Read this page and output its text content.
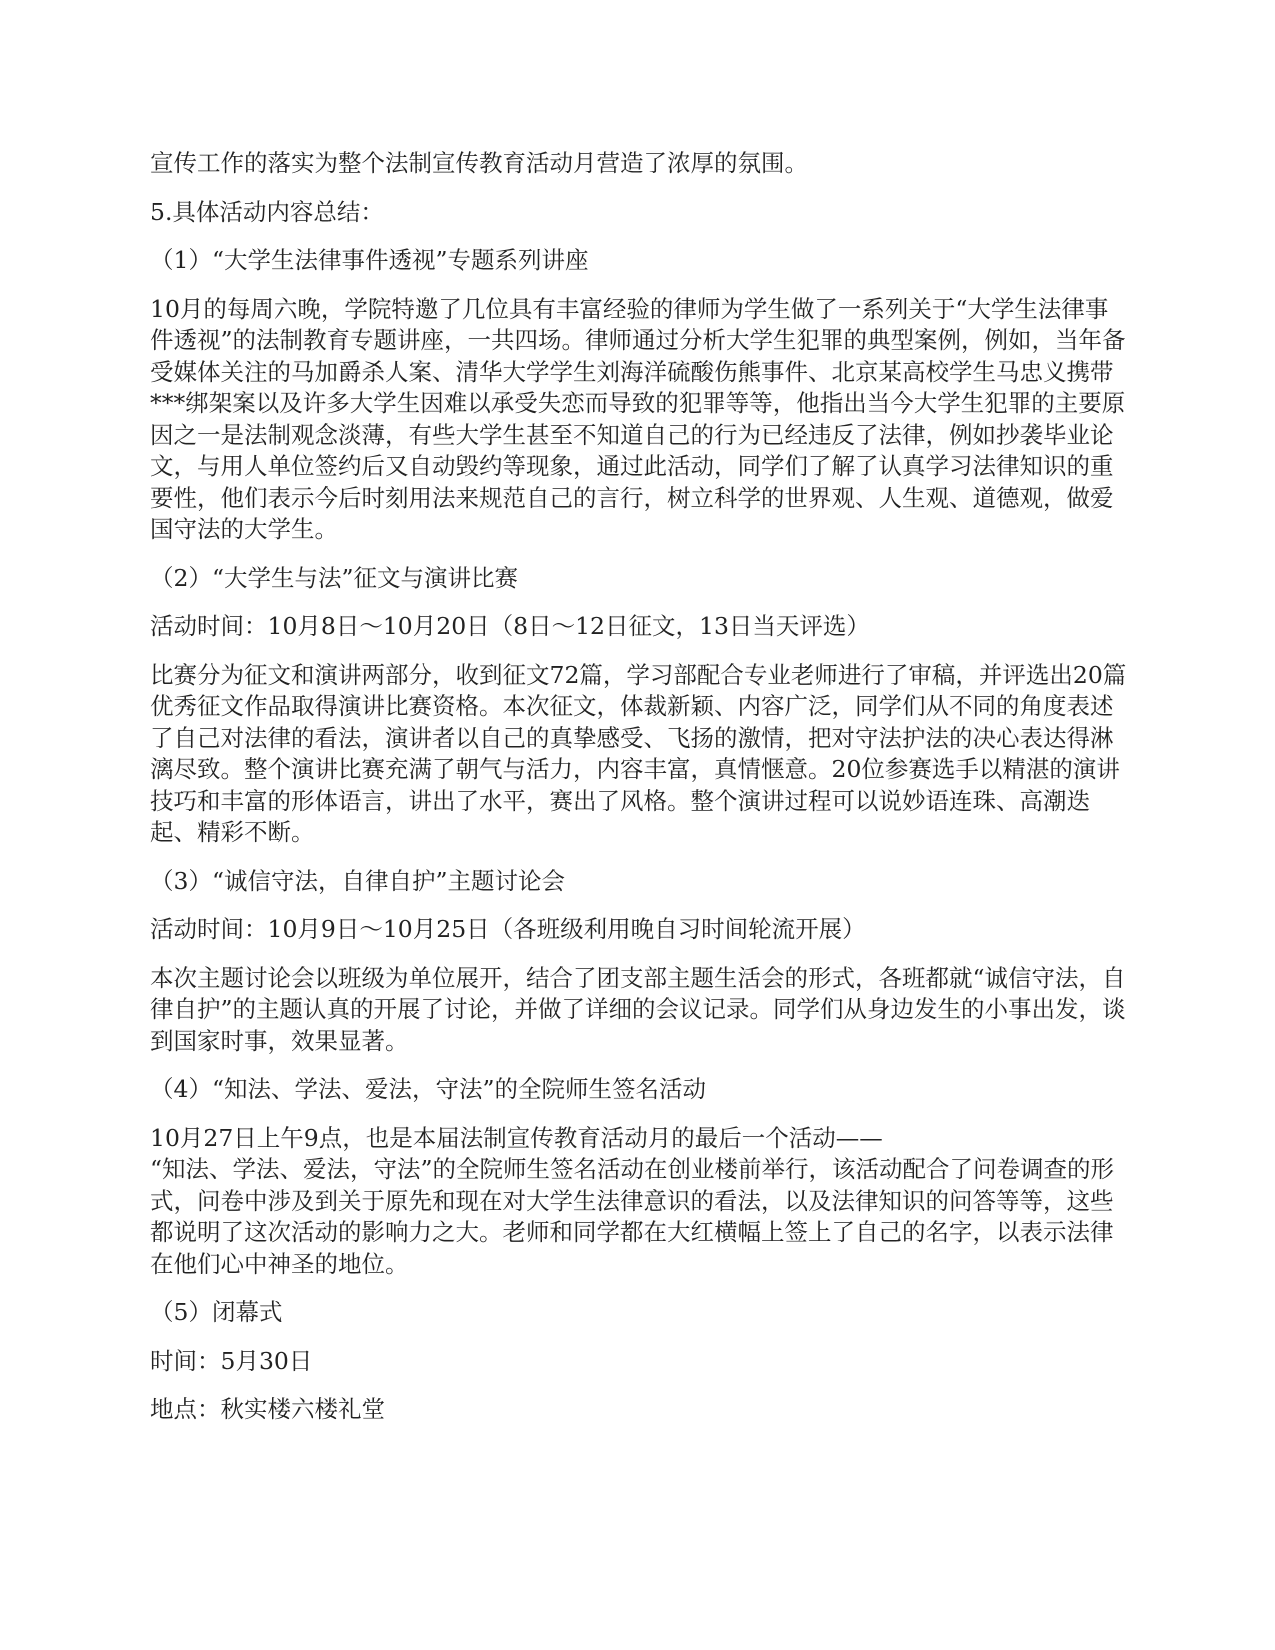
宣传工作的落实为整个法制宣传教育活动月营造了浓厚的氛围。

5.具体活动内容总结：

（1）“大学生法律事件透视”专题系列讲座

10月的每周六晚，学院特邀了几位具有丰富经验的律师为学生做了一系列关于“大学生法律事件透视”的法制教育专题讲座，一共四场。律师通过分析大学生犯罪的典型案例，例如，当年备受媒体关注的马加爵杀人案、清华大学学生刘海洋硫酸伤熊事件、北京某高校学生马忠义携带***绑架案以及许多大学生因难以承受失恋而导致的犯罪等等，他指出当今大学生犯罪的主要原因之一是法制观念淡薄，有些大学生甚至不知道自己的行为已经违反了法律，例如抄袭毕业论文，与用人单位签约后又自动毁约等现象，通过此活动，同学们了解了认真学习法律知识的重要性，他们表示今后时刻用法来规范自己的言行，树立科学的世界观、人生观、道德观，做爱国守法的大学生。

（2）“大学生与法”征文与演讲比赛

活动时间：10月8日～10月20日（8日～12日征文，13日当天评选）

比赛分为征文和演讲两部分，收到征文72篇，学习部配合专业老师进行了审稿，并评选出20篇优秀征文作品取得演讲比赛资格。本次征文，体裁新颖、内容广泛，同学们从不同的角度表述了自己对法律的看法，演讲者以自己的真挚感受、飞扬的激情，把对守法护法的决心表达得淋漓尽致。整个演讲比赛充满了朝气与活力，内容丰富，真情惬意。20位参赛选手以精湛的演讲技巧和丰富的形体语言，讲出了水平，赛出了风格。整个演讲过程可以说妙语连珠、高潮迭起、精彩不断。

（3）“诚信守法，自律自护”主题讨论会

活动时间：10月9日～10月25日（各班级利用晚自习时间轮流开展）

本次主题讨论会以班级为单位展开，结合了团支部主题生活会的形式，各班都就“诚信守法，自律自护”的主题认真的开展了讨论，并做了详细的会议记录。同学们从身边发生的小事出发，谈到国家时事，效果显著。

（4）“知法、学法、爱法，守法”的全院师生签名活动

10月27日上午9点，也是本届法制宣传教育活动月的最后一个活动——

“知法、学法、爱法，守法”的全院师生签名活动在创业楼前举行，该活动配合了问卷调查的形式，问卷中涉及到关于原先和现在对大学生法律意识的看法，以及法律知识的问答等等，这些都说明了这次活动的影响力之大。老师和同学都在大红横幅上签上了自己的名字，以表示法律在他们心中神圣的地位。

（5）闭幕式

时间：5月30日

地点：秋实楼六楼礼堂
